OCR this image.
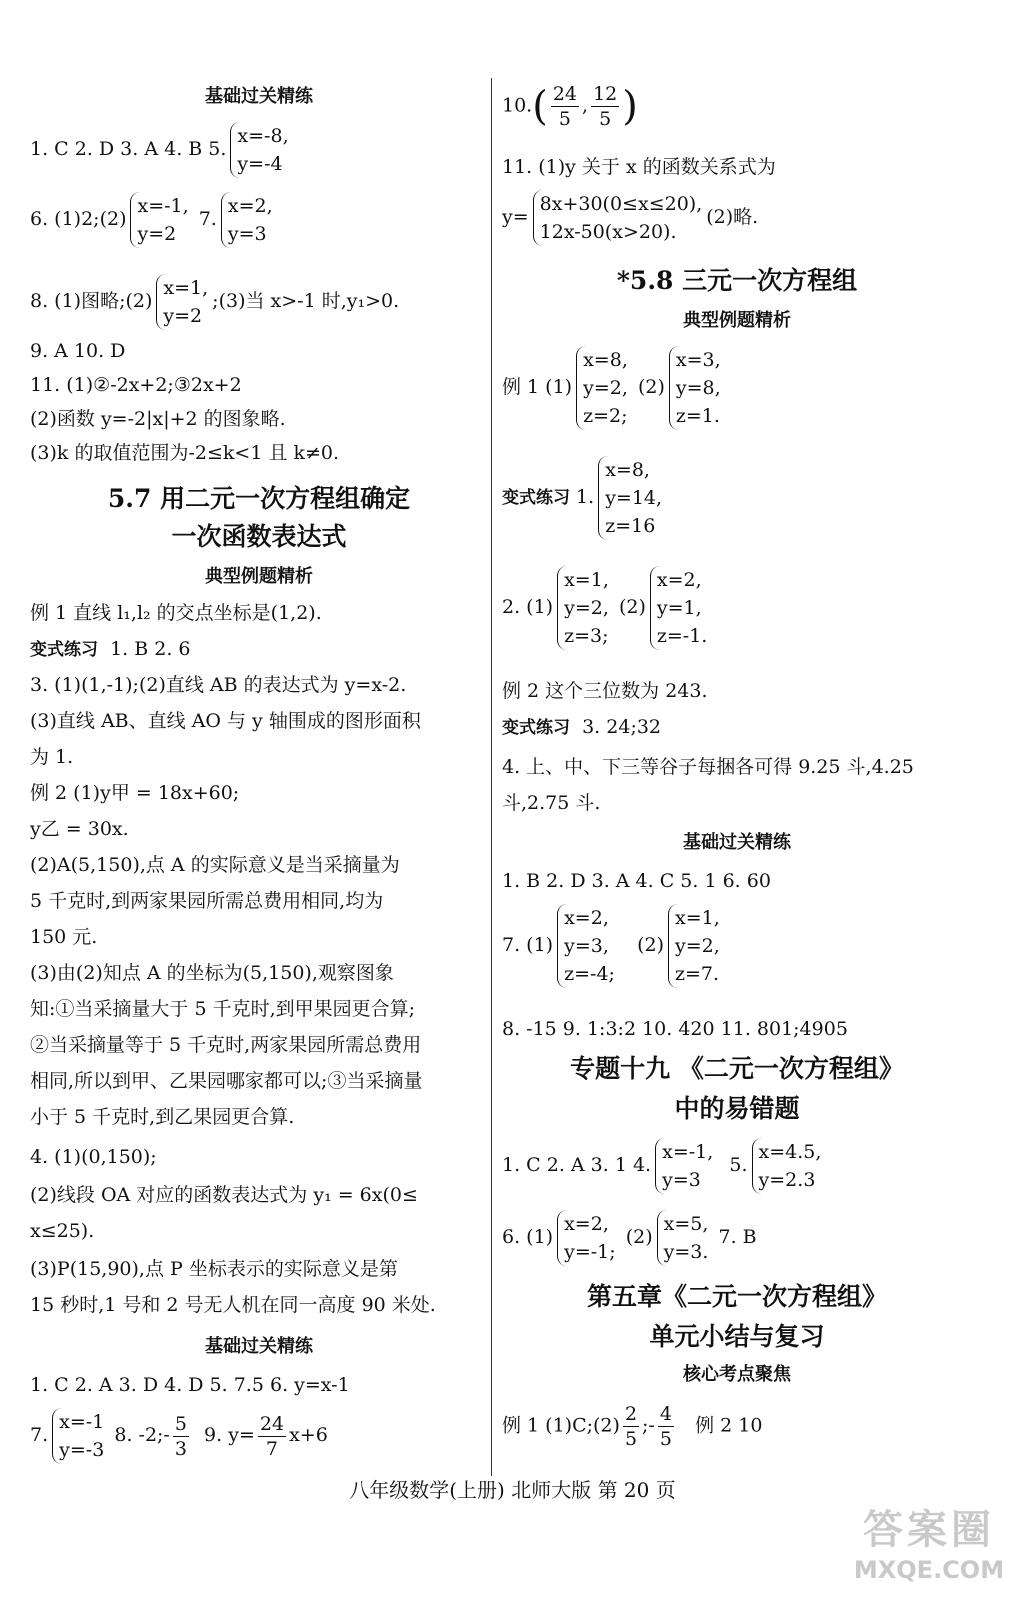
基础过关精练
1. C 2. D 3. A 4. B 5.
x=-8,
y=-4
6. (1)2;(2)
x=-1,
y=2
7.
x=2,
y=3
8. (1)图略;(2)
x=1,
y=2
;(3)当 x>-1 时,y₁>0.
9. A 10. D
11. (1)②-2x+2;③2x+2
(2)函数 y=-2|x|+2 的图象略.
(3)k 的取值范围为-2≤k<1 且 k≠0.
5.7 用二元一次方程组确定
一次函数表达式
典型例题精析
例 1 直线 l₁,l₂ 的交点坐标是(1,2).
变式练习 1. B 2. 6
3. (1)(1,-1);(2)直线 AB 的表达式为 y=x-2.
(3)直线 AB、直线 AO 与 y 轴围成的图形面积
为 1.
例 2 (1)y甲 = 18x+60;
y乙 = 30x.
(2)A(5,150),点 A 的实际意义是当采摘量为
5 千克时,到两家果园所需总费用相同,均为
150 元.
(3)由(2)知点 A 的坐标为(5,150),观察图象
知:①当采摘量大于 5 千克时,到甲果园更合算;
②当采摘量等于 5 千克时,两家果园所需总费用
相同,所以到甲、乙果园哪家都可以;③当采摘量
小于 5 千克时,到乙果园更合算.
4. (1)(0,150);
(2)线段 OA 对应的函数表达式为 y₁ = 6x(0≤
x≤25).
(3)P(15,90),点 P 坐标表示的实际意义是第
15 秒时,1 号和 2 号无人机在同一高度 90 米处.
基础过关精练
1. C 2. A 3. D 4. D 5. 7.5 6. y=x-1
7.
x=-1
y=-3
8. -2;- $\frac{5}{3} 9$. $y= \frac{24}{7} x+6$
$10.( \frac{24}{5}$ , $\frac{12}{5}$ )
11. (1)y 关于 x 的函数关系式为
y=
8x+30(0≤x≤20),
12x-50(x>20).
(2)略.
*5.8 三元一次方程组
典型例题精析
例 1 (1)
x=8,
y=2,
z=2;
(2)
x=3,
y=8,
z=1.
变式练习 1.
x=8,
y=14,
z=16
2. (1)
x=1,
y=2,
z=3;
(2)
x=2,
y=1,
z=-1.
例 2 这个三位数为 243.
变式练习 3. 24;32
4. 上、中、下三等谷子每捆各可得 9.25 斗,4.25
斗,2.75 斗.
基础过关精练
1. B 2. D 3. A 4. C 5. 1 6. 60
7. (1)
x=2,
y=3,
z=-4;
(2)
x=1,
y=2,
z=7.
8. -15 9. 1:3:2 10. 420 11. 801;4905
专题十九 《二元一次方程组》
中的易错题
1. C 2. A 3. 1 4.
x=-1,
y=3
5.
x=4.5,
y=2.3
6. (1)
x=2,
y=-1;
(2)
x=5,
y=3.
7. B
第五章《二元一次方程组》
单元小结与复习
核心考点聚焦
例 1 (1)C;(2) $\frac{2}{5}$ ;- $\frac{4}{5}$ 例 2 10
八年级数学(上册) 北师大版 第 20 页
答案圈
MXQE.COM
